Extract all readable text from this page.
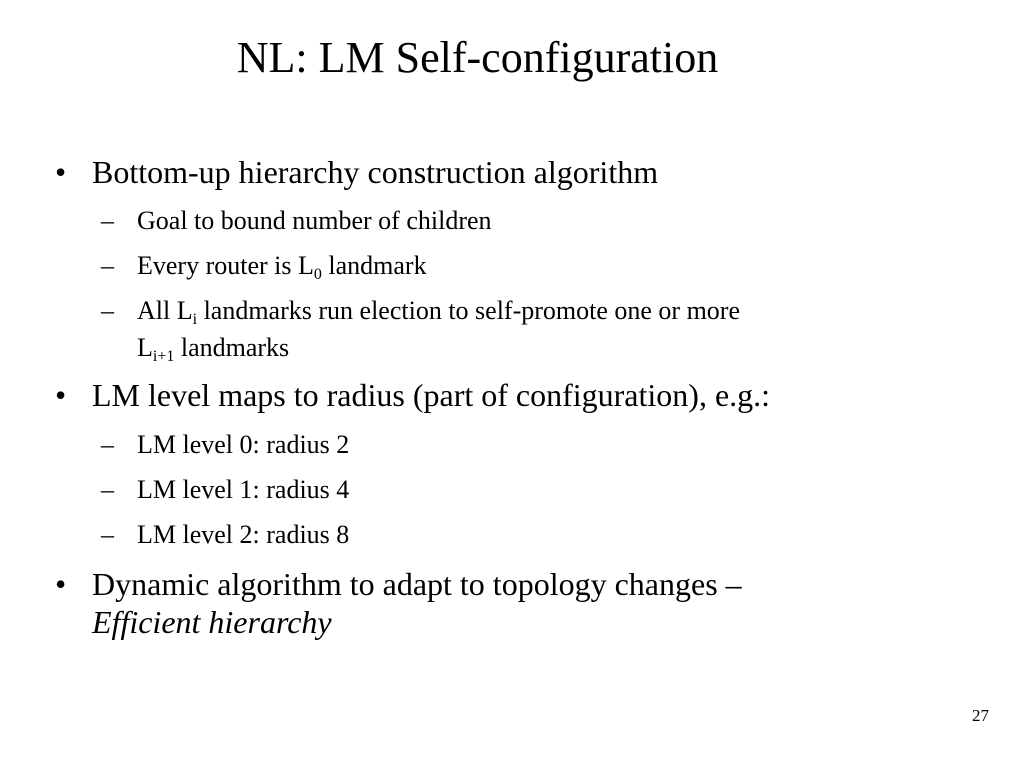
NL: LM Self-configuration
• Bottom-up hierarchy construction algorithm
– Goal to bound number of children
– Every router is $L_0$ landmark
– All $L_i$ landmarks run election to self-promote one or more
$L_{i+1}$ landmarks
• LM level maps to radius (part of configuration), e.g.:
– LM level 0: radius 2
– LM level 1: radius 4
– LM level 2: radius 8
• Dynamic algorithm to adapt to topology changes –
Efficient hierarchy
27
